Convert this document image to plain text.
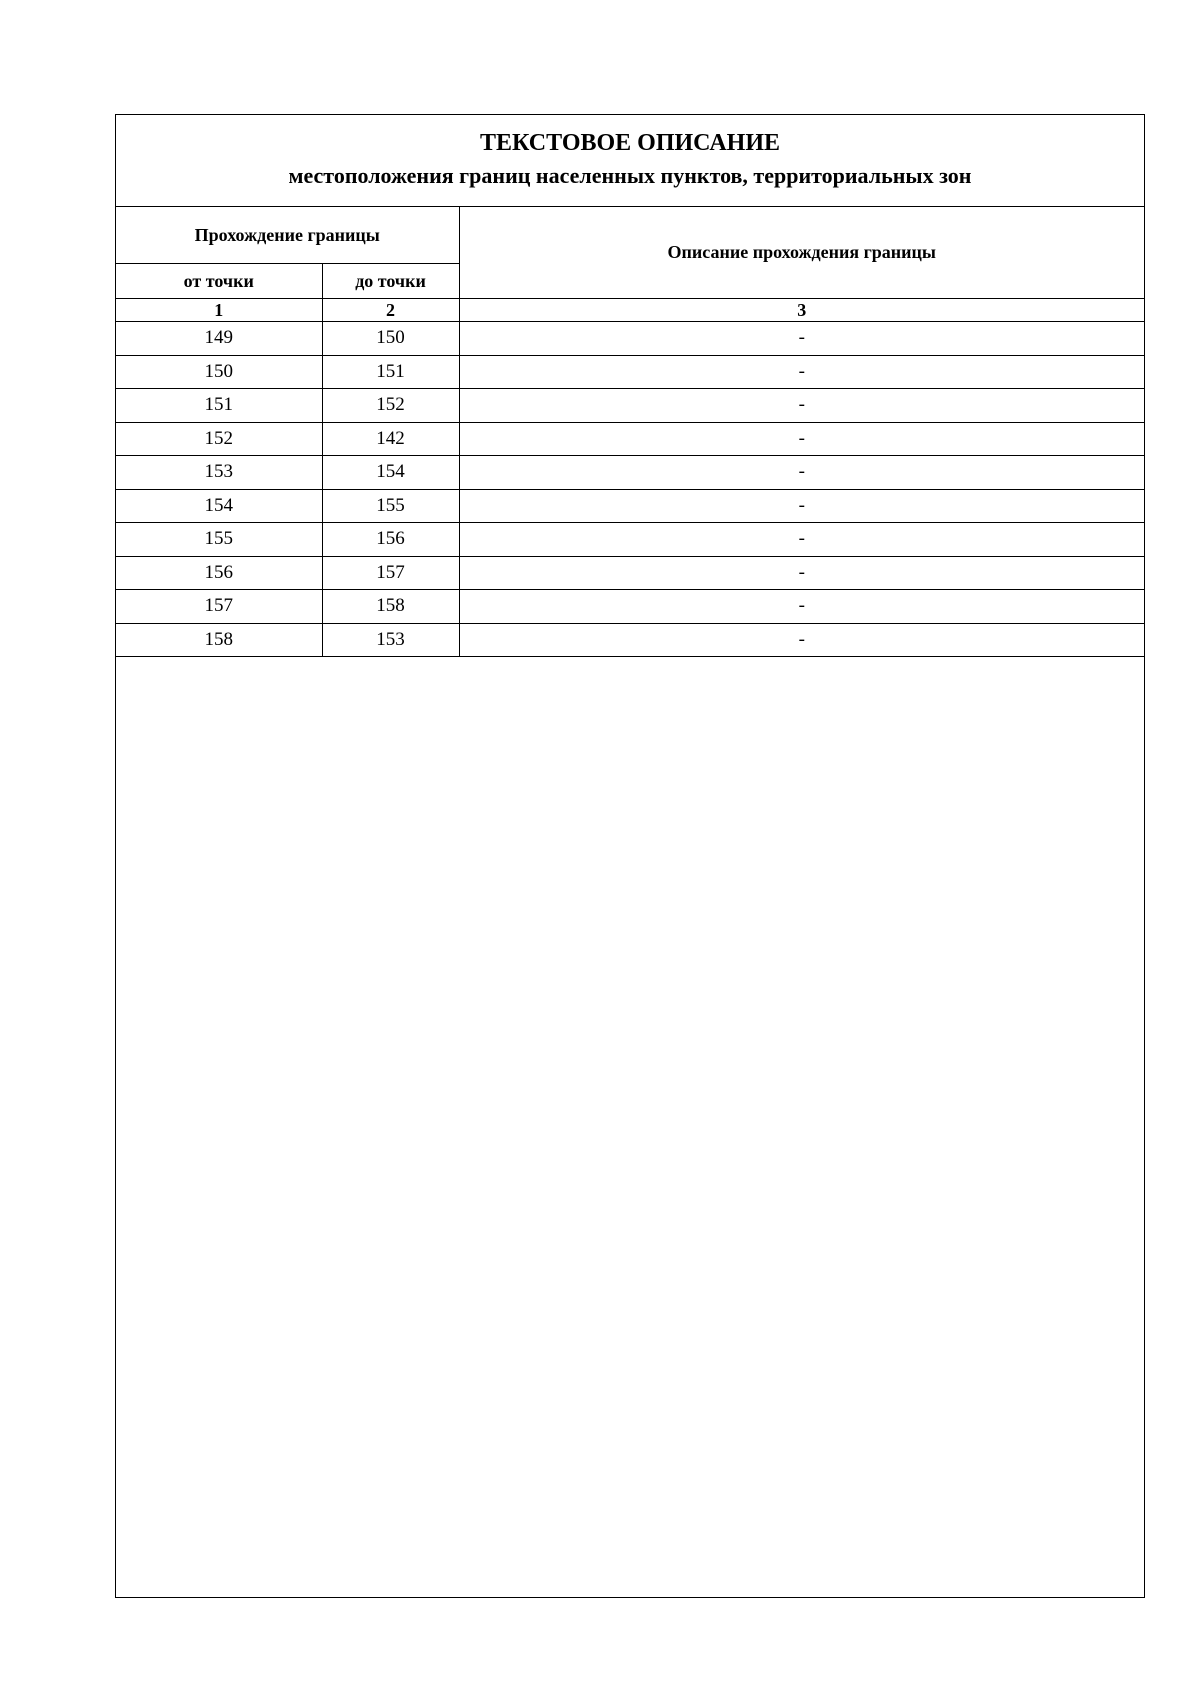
ТЕКСТОВОЕ ОПИСАНИЕ
местоположения границ населенных пунктов, территориальных зон
Прохождение границы		Описание прохождения границы
от точки	до точки	
1	2	3
149	150	-
150	151	-
151	152	-
152	142	-
153	154	-
154	155	-
155	156	-
156	157	-
157	158	-
158	153	-
